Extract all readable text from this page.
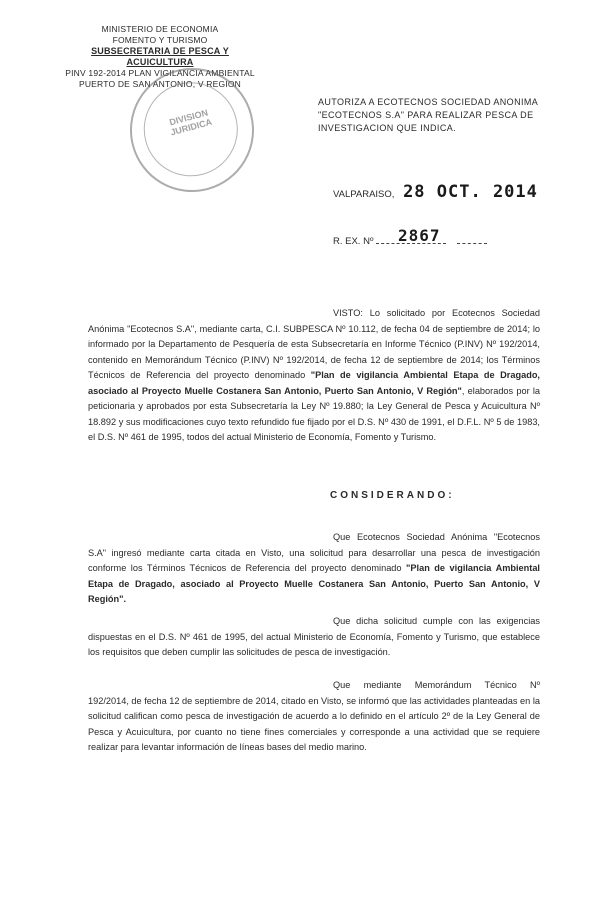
MINISTERIO DE ECONOMIA
FOMENTO Y TURISMO
SUBSECRETARIA DE PESCA Y ACUICULTURA
PINV 192-2014 PLAN VIGILANCIA AMBIENTAL
PUERTO DE SAN ANTONIO, V REGION
DIVISION JURIDICA
AUTORIZA A ECOTECNOS SOCIEDAD ANONIMA "ECOTECNOS S.A" PARA REALIZAR PESCA DE INVESTIGACION QUE INDICA.
VALPARAISO, 28 OCT. 2014
R. EX. Nº	2867
VISTO: Lo solicitado por Ecotecnos Sociedad Anónima "Ecotecnos S.A", mediante carta, C.I. SUBPESCA Nº 10.112, de fecha 04 de septiembre de 2014; lo informado por la Departamento de Pesquería de esta Subsecretaría en Informe Técnico (P.INV) Nº 192/2014, contenido en Memorándum Técnico (P.INV) Nº 192/2014, de fecha 12 de septiembre de 2014; los Términos Técnicos de Referencia del proyecto denominado "Plan de vigilancia Ambiental Etapa de Dragado, asociado al Proyecto Muelle Costanera San Antonio, Puerto San Antonio, V Región", elaborados por la peticionaria y aprobados por esta Subsecretaría la Ley Nº 19.880; la Ley General de Pesca y Acuicultura Nº 18.892 y sus modificaciones cuyo texto refundido fue fijado por el D.S. Nº 430 de 1991, el D.F.L. Nº 5 de 1983, el D.S. Nº 461 de 1995, todos del actual Ministerio de Economía, Fomento y Turismo.
CONSIDERANDO:
Que Ecotecnos Sociedad Anónima "Ecotecnos S.A" ingresó mediante carta citada en Visto, una solicitud para desarrollar una pesca de investigación conforme los Términos Técnicos de Referencia del proyecto denominado "Plan de vigilancia Ambiental Etapa de Dragado, asociado al Proyecto Muelle Costanera San Antonio, Puerto San Antonio, V Región".
Que dicha solicitud cumple con las exigencias dispuestas en el D.S. Nº 461 de 1995, del actual Ministerio de Economía, Fomento y Turismo, que establece los requisitos que deben cumplir las solicitudes de pesca de investigación.
Que mediante Memorándum Técnico Nº 192/2014, de fecha 12 de septiembre de 2014, citado en Visto, se informó que las actividades planteadas en la solicitud califican como pesca de investigación de acuerdo a lo definido en el artículo 2º de la Ley General de Pesca y Acuicultura, por cuanto no tiene fines comerciales y corresponde a una actividad que se requiere realizar para levantar información de líneas bases del medio marino.
